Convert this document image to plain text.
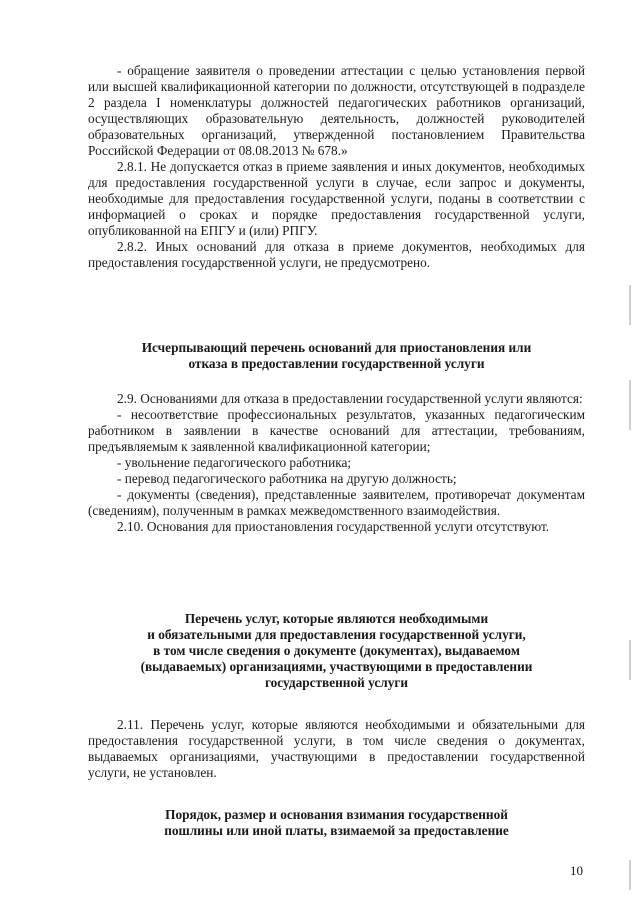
- обращение заявителя о проведении аттестации с целью установления первой или высшей квалификационной категории по должности, отсутствующей в подразделе 2 раздела I номенклатуры должностей педагогических работников организаций, осуществляющих образовательную деятельность, должностей руководителей образовательных организаций, утвержденной постановлением Правительства Российской Федерации от 08.08.2013 № 678.»

2.8.1. Не допускается отказ в приеме заявления и иных документов, необходимых для предоставления государственной услуги в случае, если запрос и документы, необходимые для предоставления государственной услуги, поданы в соответствии с информацией о сроках и порядке предоставления государственной услуги, опубликованной на ЕПГУ и (или) РПГУ.

2.8.2. Иных оснований для отказа в приеме документов, необходимых для предоставления государственной услуги, не предусмотрено.

Исчерпывающий перечень оснований для приостановления или
отказа в предоставлении государственной услуги

2.9. Основаниями для отказа в предоставлении государственной услуги являются:

- несоответствие профессиональных результатов, указанных педагогическим работником в заявлении в качестве оснований для аттестации, требованиям, предъявляемым к заявленной квалификационной категории;

- увольнение педагогического работника;

- перевод педагогического работника на другую должность;

- документы (сведения), представленные заявителем, противоречат документам (сведениям), полученным в рамках межведомственного взаимодействия.

2.10. Основания для приостановления государственной услуги отсутствуют.

Перечень услуг, которые являются необходимыми
и обязательными для предоставления государственной услуги,
в том числе сведения о документе (документах), выдаваемом
(выдаваемых) организациями, участвующими в предоставлении
государственной услуги

2.11. Перечень услуг, которые являются необходимыми и обязательными для предоставления государственной услуги, в том числе сведения о документах, выдаваемых организациями, участвующими в предоставлении государственной услуги, не установлен.

Порядок, размер и основания взимания государственной
пошлины или иной платы, взимаемой за предоставление
10
